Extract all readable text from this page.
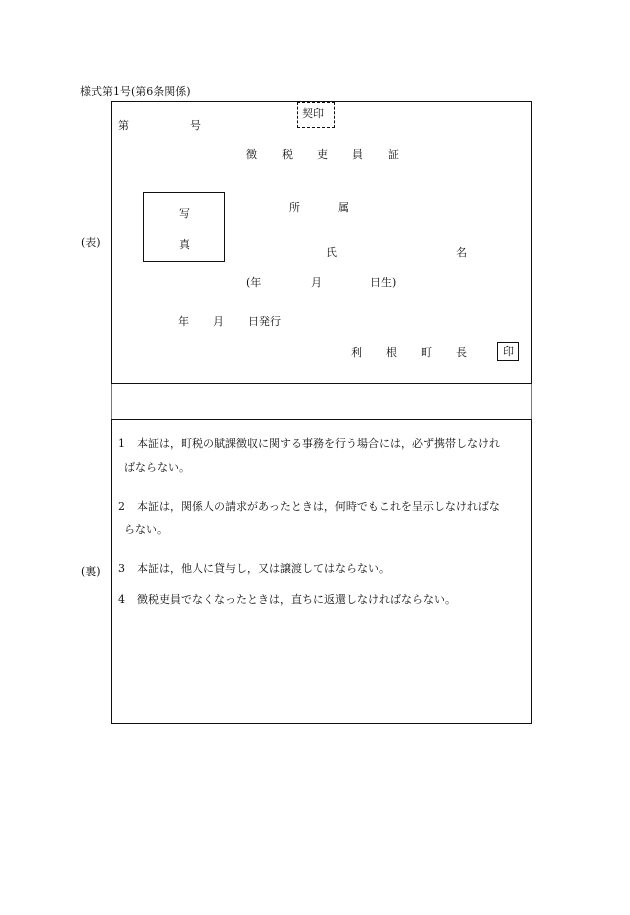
様式第1号(第6条関係)
契印
(表)
第	号
徴 税 吏 員 証
写
真
所	属
氏	名
(年	月	日生)
年 月 日発行
利 根 町 長	印
(裏)
1 本証は，町税の賦課徴収に関する事務を行う場合には，必ず携帯しなけれ
ばならない。
2 本証は，関係人の請求があったときは，何時でもこれを呈示しなければな
らない。
3 本証は，他人に貸与し，又は譲渡してはならない。
4 徴税吏員でなくなったときは，直ちに返還しなければならない。
